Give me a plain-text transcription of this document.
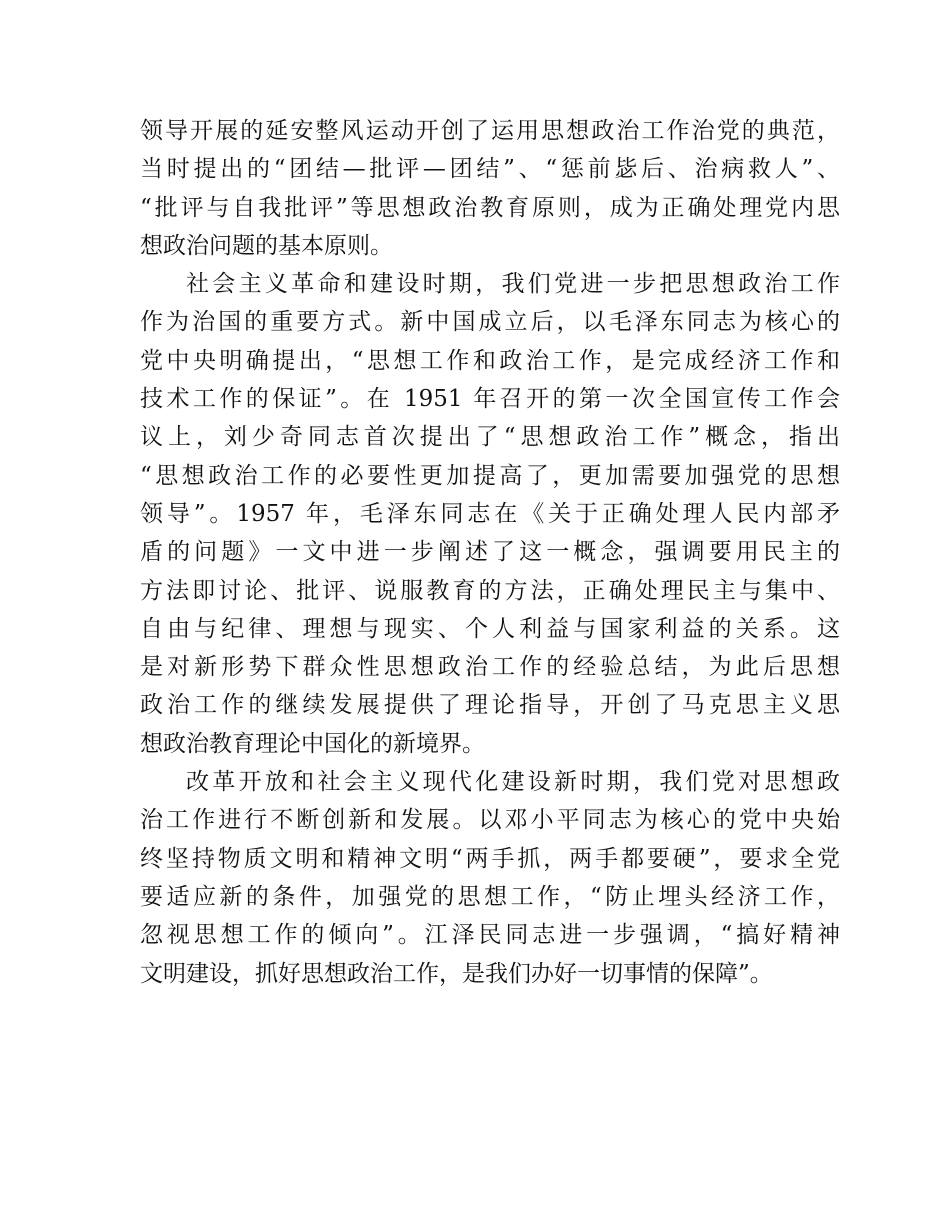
领导开展的延安整风运动开创了运用思想政治工作治党的典范，
当时提出的“团结—批评—团结”、“惩前毖后、治病救人”、
“批评与自我批评”等思想政治教育原则，成为正确处理党内思
想政治问题的基本原则。
社会主义革命和建设时期，我们党进一步把思想政治工作
作为治国的重要方式。新中国成立后，以毛泽东同志为核心的
党中央明确提出，“思想工作和政治工作，是完成经济工作和
技术工作的保证”。在 1951 年召开的第一次全国宣传工作会
议上，刘少奇同志首次提出了“思想政治工作”概念，指出
“思想政治工作的必要性更加提高了，更加需要加强党的思想
领导”。1957 年，毛泽东同志在《关于正确处理人民内部矛
盾的问题》一文中进一步阐述了这一概念，强调要用民主的
方法即讨论、批评、说服教育的方法，正确处理民主与集中、
自由与纪律、理想与现实、个人利益与国家利益的关系。这
是对新形势下群众性思想政治工作的经验总结，为此后思想
政治工作的继续发展提供了理论指导，开创了马克思主义思
想政治教育理论中国化的新境界。
改革开放和社会主义现代化建设新时期，我们党对思想政
治工作进行不断创新和发展。以邓小平同志为核心的党中央始
终坚持物质文明和精神文明“两手抓，两手都要硬”，要求全党
要适应新的条件，加强党的思想工作，“防止埋头经济工作，
忽视思想工作的倾向”。江泽民同志进一步强调，“搞好精神
文明建设，抓好思想政治工作，是我们办好一切事情的保障”。
